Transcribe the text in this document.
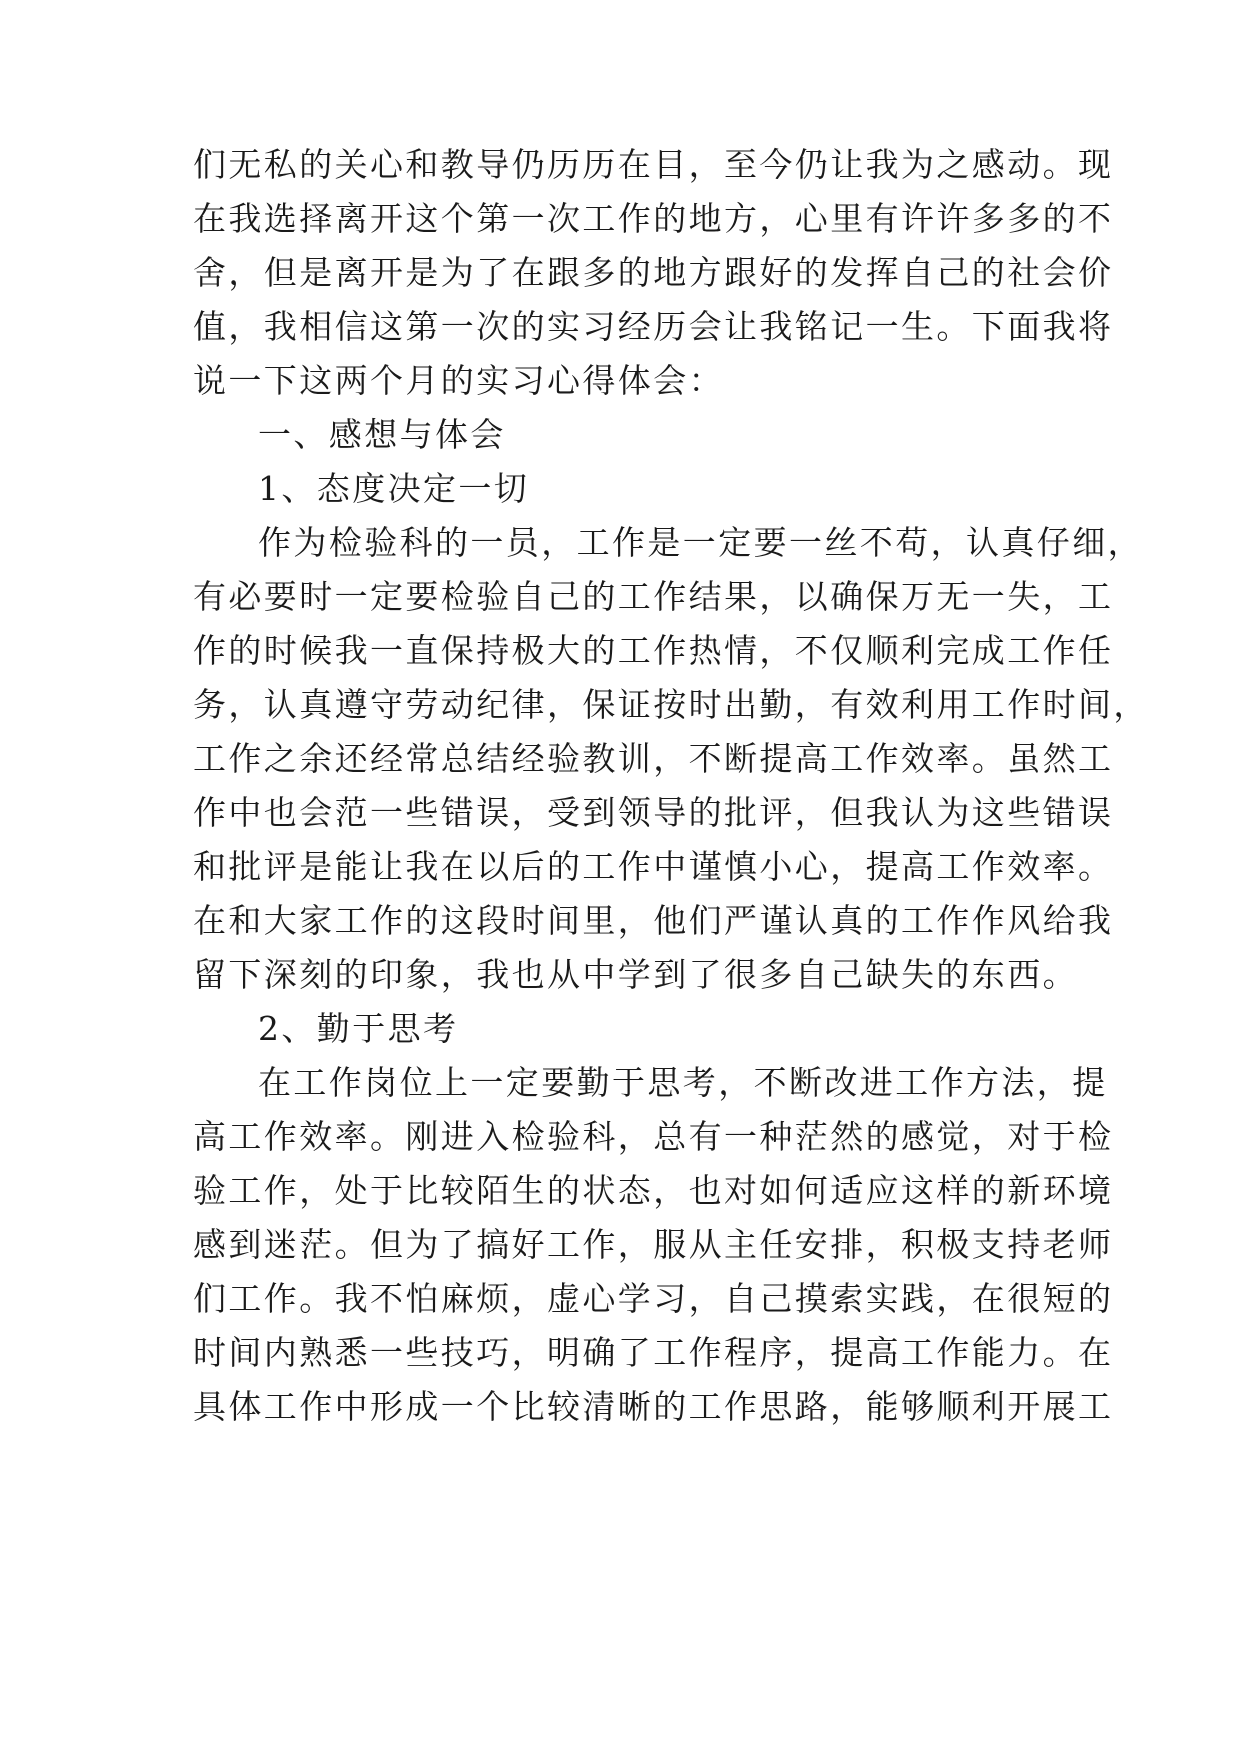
们无私的关心和教导仍历历在目，至今仍让我为之感动。现
在我选择离开这个第一次工作的地方，心里有许许多多的不
舍，但是离开是为了在跟多的地方跟好的发挥自己的社会价
值，我相信这第一次的实习经历会让我铭记一生。下面我将
说一下这两个月的实习心得体会：
一、感想与体会
1、态度决定一切
作为检验科的一员，工作是一定要一丝不苟，认真仔细，
有必要时一定要检验自己的工作结果，以确保万无一失，工
作的时候我一直保持极大的工作热情，不仅顺利完成工作任
务，认真遵守劳动纪律，保证按时出勤，有效利用工作时间，
工作之余还经常总结经验教训，不断提高工作效率。虽然工
作中也会范一些错误，受到领导的批评，但我认为这些错误
和批评是能让我在以后的工作中谨慎小心，提高工作效率。
在和大家工作的这段时间里，他们严谨认真的工作作风给我
留下深刻的印象，我也从中学到了很多自己缺失的东西。
2、勤于思考
在工作岗位上一定要勤于思考，不断改进工作方法，提
高工作效率。刚进入检验科，总有一种茫然的感觉，对于检
验工作，处于比较陌生的状态，也对如何适应这样的新环境
感到迷茫。但为了搞好工作，服从主任安排，积极支持老师
们工作。我不怕麻烦，虚心学习，自己摸索实践，在很短的
时间内熟悉一些技巧，明确了工作程序，提高工作能力。在
具体工作中形成一个比较清晰的工作思路，能够顺利开展工
